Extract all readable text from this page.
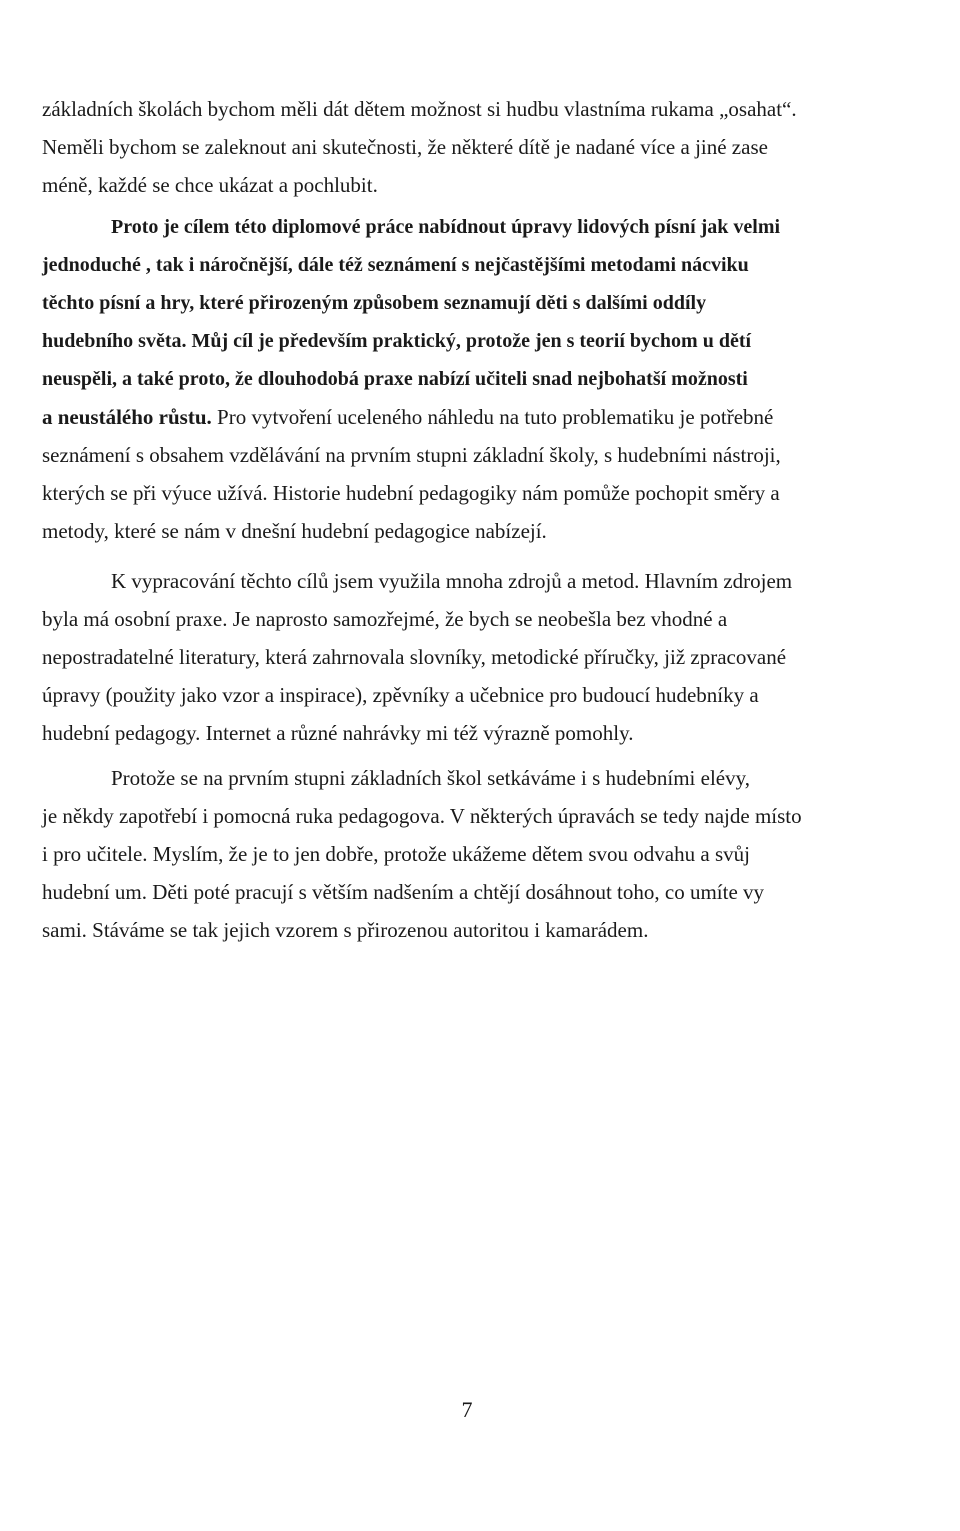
základních školách bychom měli dát dětem možnost si hudbu vlastníma rukama „osahat“.
Neměli bychom se zaleknout ani skutečnosti, že některé dítě je nadané více a jiné zase
méně, každé se chce ukázat a pochlubit.
Proto je cílem této diplomové práce nabídnout úpravy lidových písní jak velmi
jednoduché , tak i náročnější, dále též seznámení s nejčastějšími metodami nácviku
těchto písní a hry, které přirozeným způsobem seznamují děti s dalšími oddíly
hudebního světa. Můj cíl je především praktický, protože jen s teorií bychom u dětí
neuspěli, a také proto, že dlouhodobá praxe nabízí učiteli snad nejbohatší možnosti
a neustálého růstu. Pro vytvoření uceleného náhledu na tuto problematiku je potřebné
seznámení s obsahem vzdělávání na prvním stupni základní školy, s hudebními nástroji,
kterých se při výuce užívá. Historie hudební pedagogiky nám pomůže pochopit směry a
metody, které se nám v dnešní hudební pedagogice nabízejí.
K vypracování těchto cílů jsem využila mnoha zdrojů a metod. Hlavním zdrojem
byla má osobní praxe. Je naprosto samozřejmé, že bych se neobešla bez vhodné a
nepostradatelné literatury, která zahrnovala slovníky, metodické příručky, již zpracované
úpravy (použity jako vzor a inspirace), zpěvníky a učebnice pro budoucí hudebníky a
hudební pedagogy. Internet a různé nahrávky mi též výrazně pomohly.
Protože se na prvním stupni základních škol setkáváme i s hudebními elévy,
je někdy zapotřebí i pomocná ruka pedagogova. V některých úpravách se tedy najde místo
i pro učitele. Myslím, že je to jen dobře, protože ukážeme dětem svou odvahu a svůj
hudební um. Děti poté pracují s větším nadšením a chtějí dosáhnout toho, co umíte vy
sami. Stáváme se tak jejich vzorem s přirozenou autoritou i kamarádem.
7
